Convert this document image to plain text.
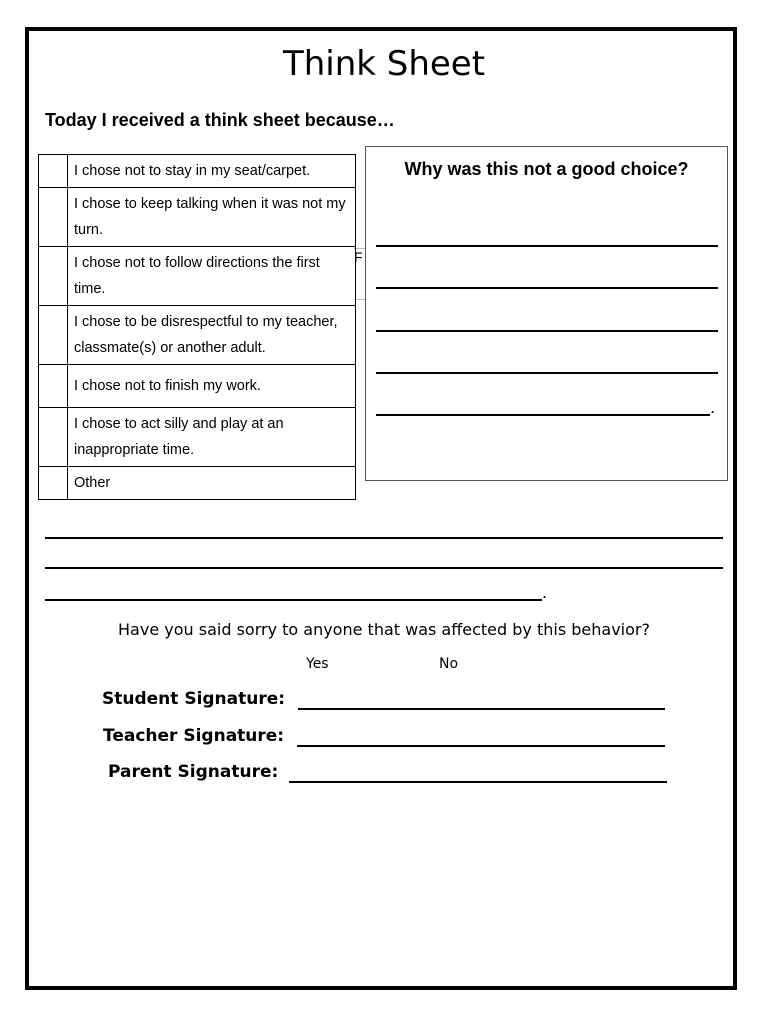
Think Sheet
Today I received a think sheet because…
F
	I chose not to stay in my seat/carpet.
	I chose to keep talking when it was not my turn.
	I chose not to follow directions the first time.
	I chose to be disrespectful to my teacher, classmate(s) or another adult.
	I chose not to finish my work.
	I chose to act silly and play at an inappropriate time.
	Other
Why was this not a good choice?
.
.
Have you said sorry to anyone that was affected by this behavior?
Yes	No
Student Signature:
Teacher Signature:
Parent Signature:
